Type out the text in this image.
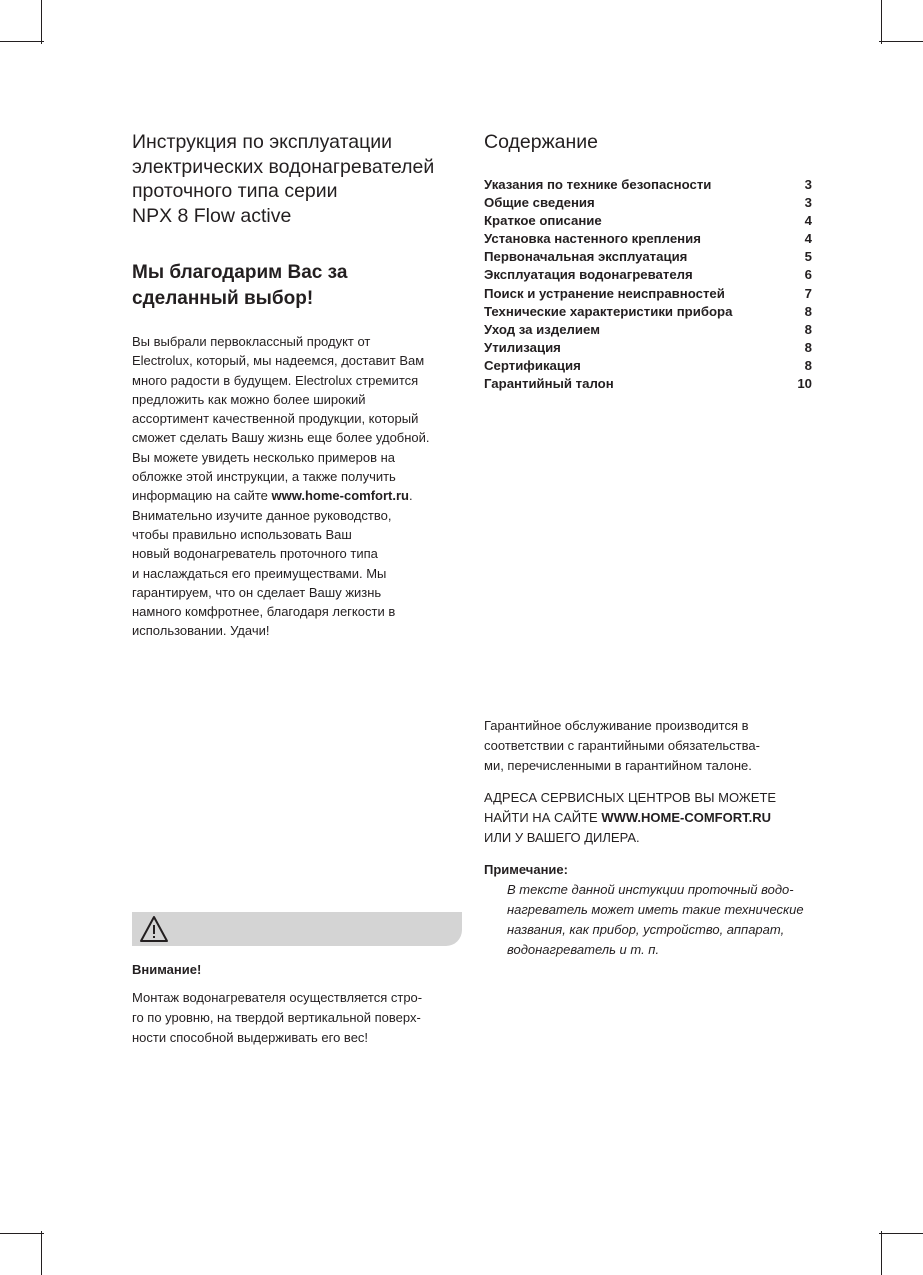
Инструкция по эксплуатации
электрических водонагревателей
проточного типа серии
NPX 8 Flow active
Мы благодарим Вас за
сделанный выбор!
Вы выбрали первоклассный продукт от
Electrolux, который, мы надеемся, доставит Вам
много радости в будущем. Electrolux стремится
предложить как можно более широкий
ассортимент качественной продукции, который
сможет сделать Вашу жизнь еще более удобной.
Вы можете увидеть несколько примеров на
обложке этой инструкции, а также получить
информацию на сайте www.home-comfort.ru.
Внимательно изучите данное руководство,
чтобы правильно использовать Ваш
новый водонагреватель проточного типа
и наслаждаться его преимуществами. Мы
гарантируем, что он сделает Вашу жизнь
намного комфротнее, благодаря легкости в
использовании. Удачи!
Внимание!
Монтаж водонагревателя осуществляется стро-
го по уровню, на твердой вертикальной поверх-
ности способной выдерживать его вес!
Содержание
Указания по технике безопасности	3
Общие сведения	3
Краткое описание	4
Установка настенного крепления	4
Первоначальная эксплуатация	5
Эксплуатация водонагревателя	6
Поиск и устранение неисправностей	7
Технические характеристики прибора	8
Уход за изделием	8
Утилизация	8
Сертификация	8
Гарантийный талон	10
Гарантийное обслуживание производится в
соответствии с гарантийными обязательства-
ми, перечисленными в гарантийном талоне.
АДРЕСА СЕРВИСНЫХ ЦЕНТРОВ ВЫ МОЖЕТЕ
НАЙТИ НА САЙТЕ WWW.HOME-COMFORT.RU
ИЛИ У ВАШЕГО ДИЛЕРА.
Примечание:
В тексте данной инстукции проточный водо-
нагреватель может иметь такие технические
названия, как прибор, устройство, аппарат,
водонагреватель и т. п.
